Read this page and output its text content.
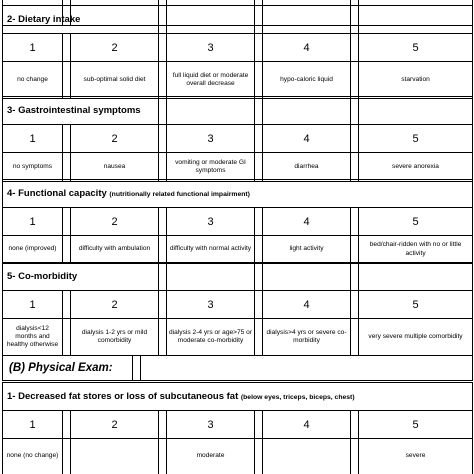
2- Dietary intake								
1		2		3		4		5
no change		sub-optimal solid diet		full liquid diet or moderate overall decrease		hypo-caloric liquid		starvation
3- Gastrointestinal symptoms								
1		2		3		4		5
no symptoms		nausea		vomiting or moderate GI symptoms		diarrhea		severe anorexia
4- Functional capacity (nutritionally related functional impairment)								
1		2		3		4		5
none (improved)		difficulty with ambulation		difficulty with normal activity		light activity		bed/chair-ridden with no or little activity
5- Co-morbidity								
1		2		3		4		5
dialysis<12 months and healthy otherwise		dialysis 1-2 yrs or mild comorbidity		dialysis 2-4 yrs or age>75 or moderate co-morbidity		dialysis>4 yrs or severe co-morbidity		very severe multiple comorbidity
(B) Physical Exam:		
1- Decreased fat stores or loss of subcutaneous fat (below eyes, triceps, biceps, chest)								
1		2		3		4		5
none (no change)				moderate				severe
